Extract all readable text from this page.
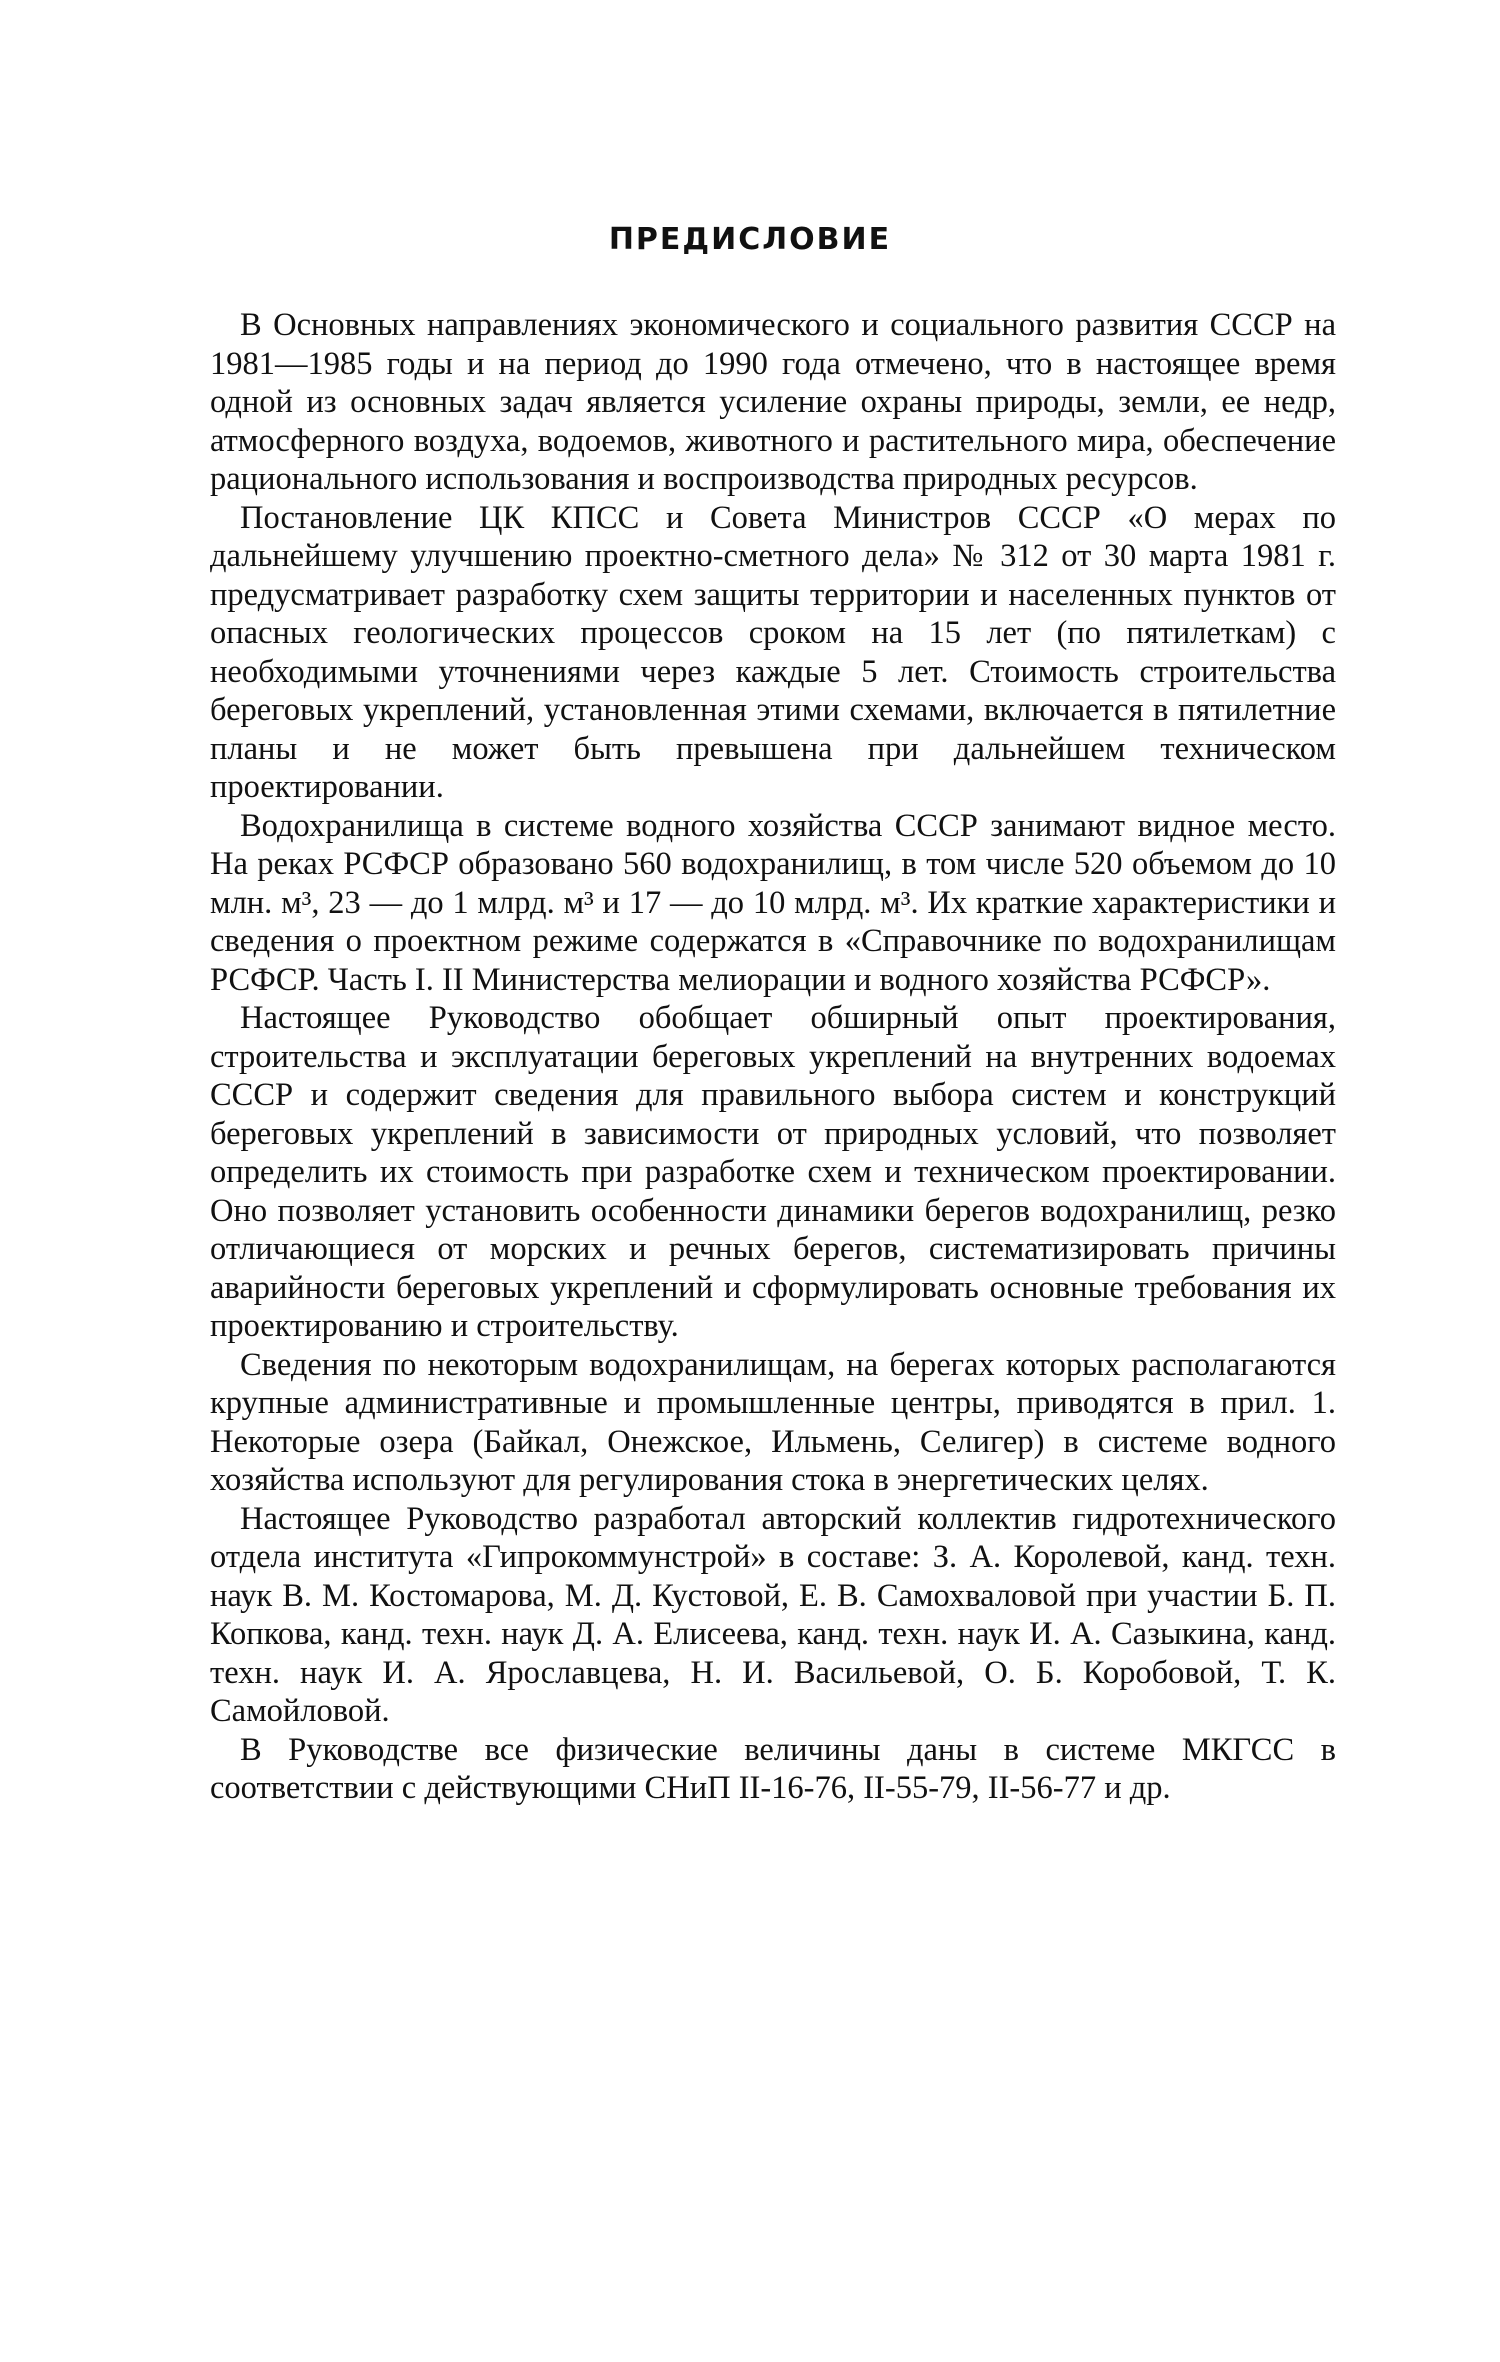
ПРЕДИСЛОВИЕ

В Основных направлениях экономического и социального развития СССР на 1981—1985 годы и на период до 1990 года отмечено, что в настоящее время одной из основных задач является усиление охраны природы, земли, ее недр, атмосферного воздуха, водоемов, животного и растительного мира, обеспечение рационального использования и воспроизводства природных ресурсов.

Постановление ЦК КПСС и Совета Министров СССР «О мерах по дальнейшему улучшению проектно-сметного дела» № 312 от 30 марта 1981 г. предусматривает разработку схем защиты территории и населенных пунктов от опасных геологических процессов сроком на 15 лет (по пятилеткам) с необходимыми уточнениями через каждые 5 лет. Стоимость строительства береговых укреплений, установленная этими схемами, включается в пятилетние планы и не может быть превышена при дальнейшем техническом проектировании.

Водохранилища в системе водного хозяйства СССР занимают видное место. На реках РСФСР образовано 560 водохранилищ, в том числе 520 объемом до 10 млн. м³, 23 — до 1 млрд. м³ и 17 — до 10 млрд. м³. Их краткие характеристики и сведения о проектном режиме содержатся в «Справочнике по водохранилищам РСФСР. Часть I. II Министерства мелиорации и водного хозяйства РСФСР».

Настоящее Руководство обобщает обширный опыт проектирования, строительства и эксплуатации береговых укреплений на внутренних водоемах СССР и содержит сведения для правильного выбора систем и конструкций береговых укреплений в зависимости от природных условий, что позволяет определить их стоимость при разработке схем и техническом проектировании. Оно позволяет установить особенности динамики берегов водохранилищ, резко отличающиеся от морских и речных берегов, систематизировать причины аварийности береговых укреплений и сформулировать основные требования их проектированию и строительству.

Сведения по некоторым водохранилищам, на берегах которых располагаются крупные административные и промышленные центры, приводятся в прил. 1. Некоторые озера (Байкал, Онежское, Ильмень, Селигер) в системе водного хозяйства используют для регулирования стока в энергетических целях.

Настоящее Руководство разработал авторский коллектив гидротехнического отдела института «Гипрокоммунстрой» в составе: З. А. Королевой, канд. техн. наук В. М. Костомарова, М. Д. Кустовой, Е. В. Самохваловой при участии Б. П. Копкова, канд. техн. наук Д. А. Елисеева, канд. техн. наук И. А. Сазыкина, канд. техн. наук И. А. Ярославцева, Н. И. Васильевой, О. Б. Коробовой, Т. К. Самойловой.

В Руководстве все физические величины даны в системе МКГСС в соответствии с действующими СНиП II-16-76, II-55-79, II-56-77 и др.
